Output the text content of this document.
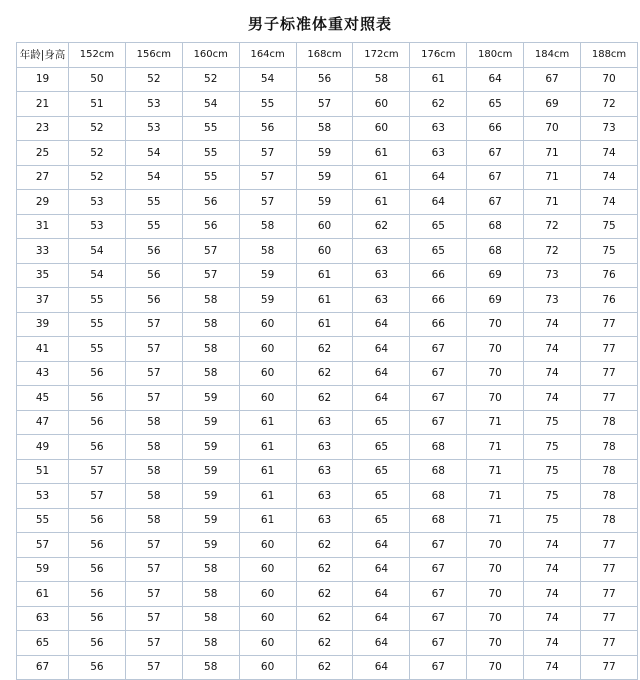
男子标准体重对照表
年龄|身高	152cm	156cm	160cm	164cm	168cm	172cm	176cm	180cm	184cm	188cm
19	50	52	52	54	56	58	61	64	67	70
21	51	53	54	55	57	60	62	65	69	72
23	52	53	55	56	58	60	63	66	70	73
25	52	54	55	57	59	61	63	67	71	74
27	52	54	55	57	59	61	64	67	71	74
29	53	55	56	57	59	61	64	67	71	74
31	53	55	56	58	60	62	65	68	72	75
33	54	56	57	58	60	63	65	68	72	75
35	54	56	57	59	61	63	66	69	73	76
37	55	56	58	59	61	63	66	69	73	76
39	55	57	58	60	61	64	66	70	74	77
41	55	57	58	60	62	64	67	70	74	77
43	56	57	58	60	62	64	67	70	74	77
45	56	57	59	60	62	64	67	70	74	77
47	56	58	59	61	63	65	67	71	75	78
49	56	58	59	61	63	65	68	71	75	78
51	57	58	59	61	63	65	68	71	75	78
53	57	58	59	61	63	65	68	71	75	78
55	56	58	59	61	63	65	68	71	75	78
57	56	57	59	60	62	64	67	70	74	77
59	56	57	58	60	62	64	67	70	74	77
61	56	57	58	60	62	64	67	70	74	77
63	56	57	58	60	62	64	67	70	74	77
65	56	57	58	60	62	64	67	70	74	77
67	56	57	58	60	62	64	67	70	74	77
